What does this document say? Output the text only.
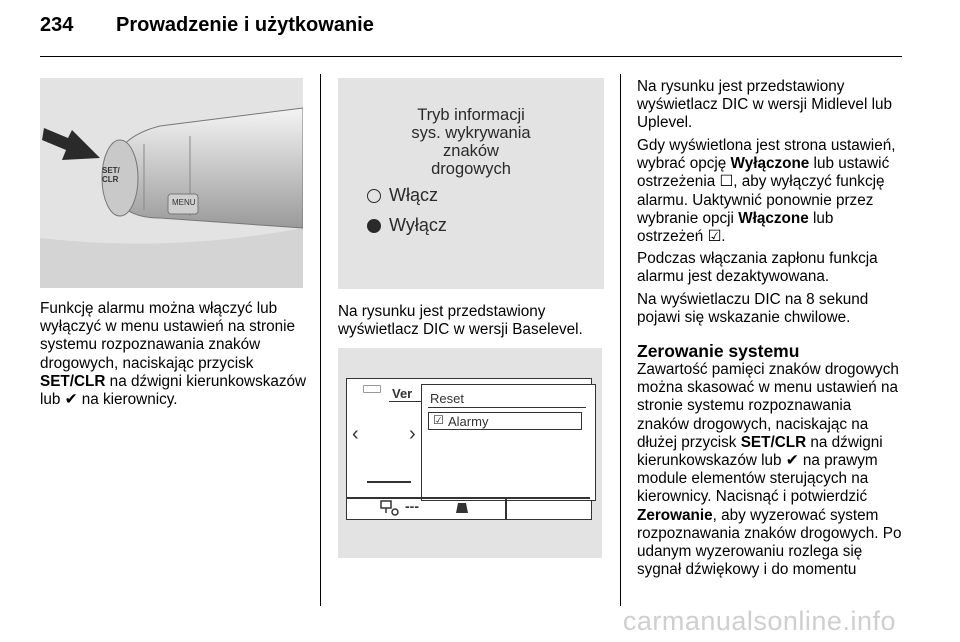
234 Prowadzenie i użytkowanie
SET/
CLR
MENU

Funkcję alarmu można włączyć lub wyłączyć w menu ustawień na stronie systemu rozpoznawania znaków drogowych, naciskając przycisk SET/CLR na dźwigni kierunkowskazów lub ✔ na kierownicy.

Tryb informacji
sys. wykrywania
znaków
drogowych
Włącz
Wyłącz

Na rysunku jest przedstawiony wyświetlacz DIC w wersji Baselevel.

Ver
‹	›
Reset
☑ Alarmy
---

Na rysunku jest przedstawiony wyświetlacz DIC w wersji Midlevel lub Uplevel.

Gdy wyświetlona jest strona ustawień, wybrać opcję Wyłączone lub ustawić ostrzeżenia ☐, aby wyłączyć funkcję alarmu. Uaktywnić ponownie przez wybranie opcji Włączone lub ostrzeżeń ☑.

Podczas włączania zapłonu funkcja alarmu jest dezaktywowana.

Na wyświetlaczu DIC na 8 sekund pojawi się wskazanie chwilowe.

Zerowanie systemu

Zawartość pamięci znaków drogowych można skasować w menu ustawień na stronie systemu rozpoznawania znaków drogowych, naciskając na dłużej przycisk SET/CLR na dźwigni kierunkowskazów lub ✔ na prawym module elementów sterujących na kierownicy. Nacisnąć i potwierdzić Zerowanie, aby wyzerować system rozpoznawania znaków drogowych. Po udanym wyzerowaniu rozlega się sygnał dźwiękowy i do momentu

carmanualsonline.info
